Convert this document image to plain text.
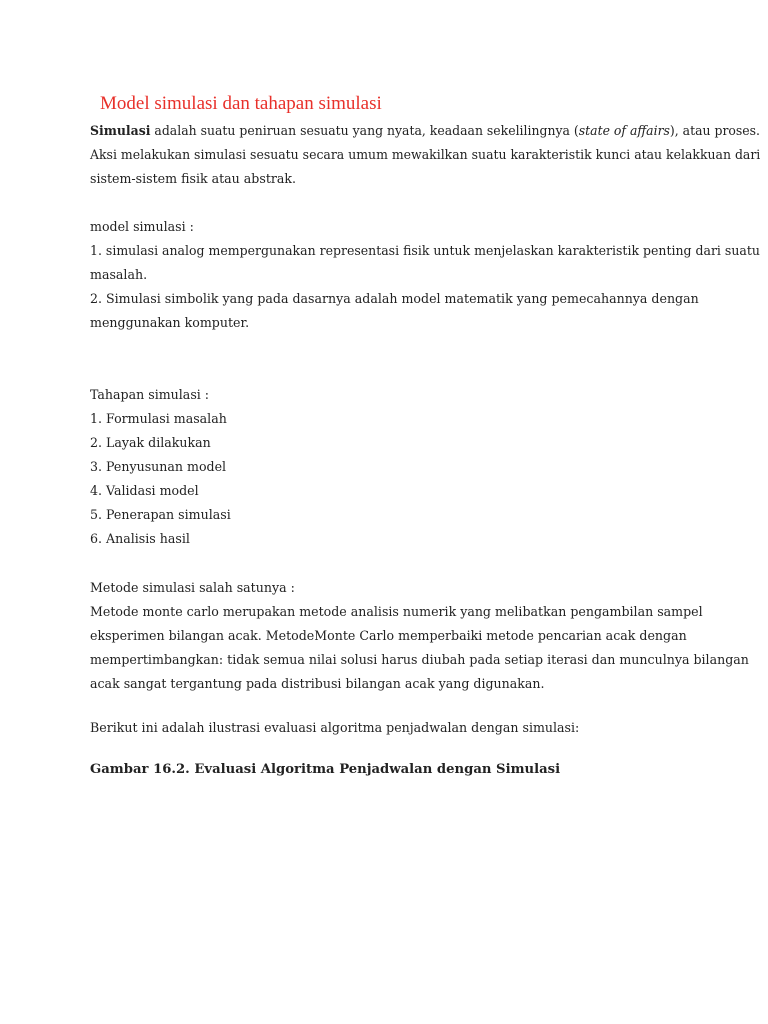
Model simulasi dan tahapan simulasi
Simulasi adalah suatu peniruan sesuatu yang nyata, keadaan sekelilingnya (state of affairs), atau proses.
Aksi melakukan simulasi sesuatu secara umum mewakilkan suatu karakteristik kunci atau kelakkuan dari
sistem-sistem fisik atau abstrak.
model simulasi :
1. simulasi analog mempergunakan representasi fisik untuk menjelaskan karakteristik penting dari suatu
masalah.
2. Simulasi simbolik yang pada dasarnya adalah model matematik yang pemecahannya dengan
menggunakan komputer.
Tahapan simulasi :
1. Formulasi masalah
2. Layak dilakukan
3. Penyusunan model
4. Validasi model
5. Penerapan simulasi
6. Analisis hasil
Metode simulasi salah satunya :
Metode monte carlo merupakan metode analisis numerik yang melibatkan pengambilan sampel
eksperimen bilangan acak. MetodeMonte Carlo memperbaiki metode pencarian acak dengan
mempertimbangkan: tidak semua nilai solusi harus diubah pada setiap iterasi dan munculnya bilangan
acak sangat tergantung pada distribusi bilangan acak yang digunakan.
Berikut ini adalah ilustrasi evaluasi algoritma penjadwalan dengan simulasi:
Gambar 16.2. Evaluasi Algoritma Penjadwalan dengan Simulasi
